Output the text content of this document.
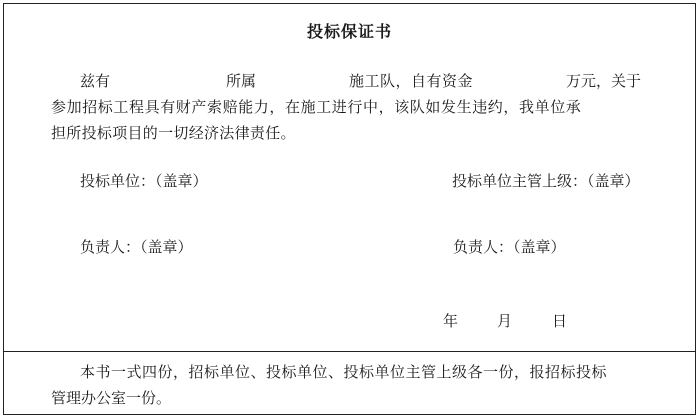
投标保证书
兹有	所属	施工队，自有资金	万元，关于
参加招标工程具有财产索赔能力，在施工进行中，该队如发生违约，我单位承
担所投标项目的一切经济法律责任。
投标单位：（盖章）	投标单位主管上级：（盖章）
负责人：（盖章）	负责人：（盖章）
年	月	日
本书一式四份，招标单位、投标单位、投标单位主管上级各一份，报招标投标
管理办公室一份。
